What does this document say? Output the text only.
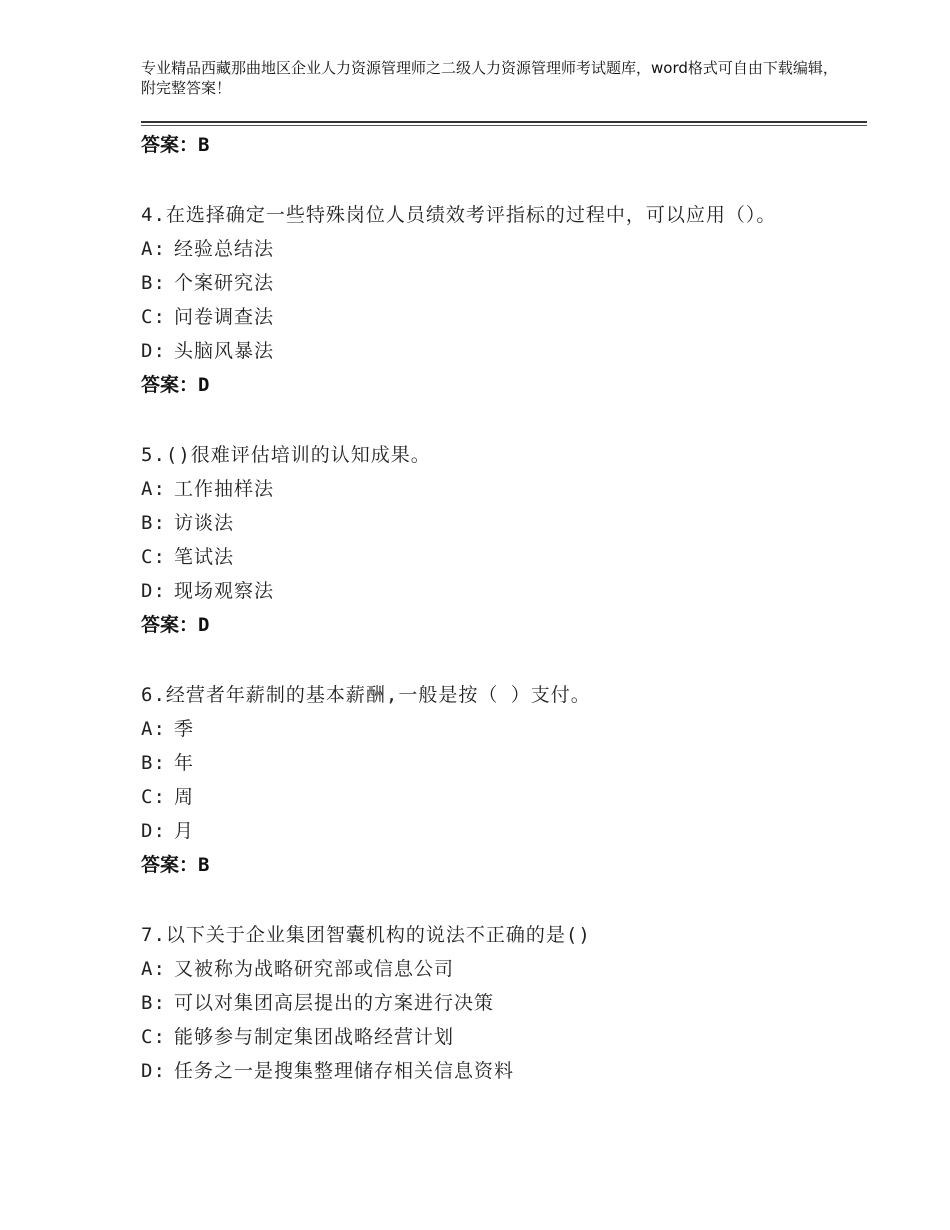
专业精品西藏那曲地区企业人力资源管理师之二级人力资源管理师考试题库，word格式可自由下载编辑，附完整答案！
答案：B
4.在选择确定一些特殊岗位人员绩效考评指标的过程中，可以应用（）。
A: 经验总结法
B: 个案研究法
C: 问卷调查法
D: 头脑风暴法
答案：D
5.()很难评估培训的认知成果。
A: 工作抽样法
B: 访谈法
C: 笔试法
D: 现场观察法
答案：D
6.经营者年薪制的基本薪酬,一般是按（ ）支付。
A: 季
B: 年
C: 周
D: 月
答案：B
7.以下关于企业集团智囊机构的说法不正确的是()
A: 又被称为战略研究部或信息公司
B: 可以对集团高层提出的方案进行决策
C: 能够参与制定集团战略经营计划
D: 任务之一是搜集整理储存相关信息资料
